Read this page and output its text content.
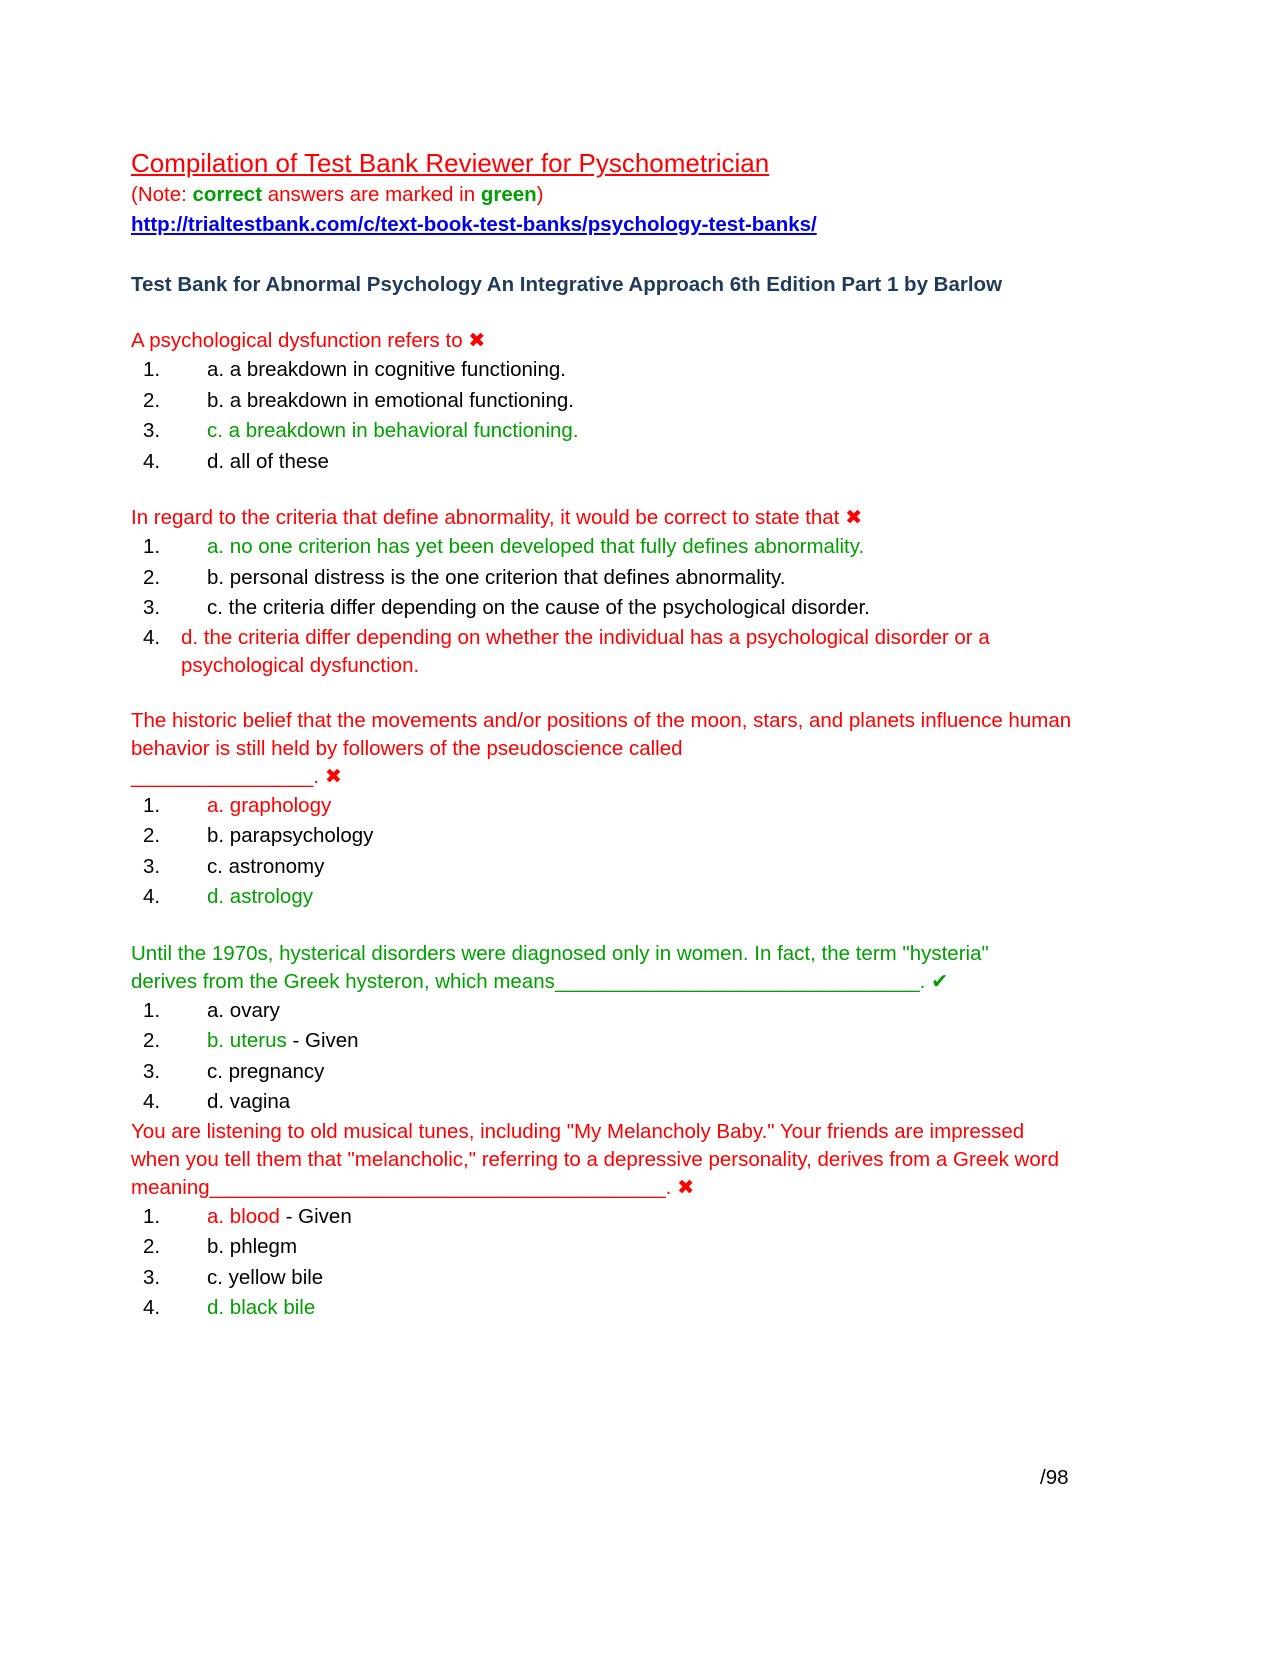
Compilation of Test Bank Reviewer for Pyschometrician

(Note: correct answers are marked in green)

http://trialtestbank.com/c/text-book-test-banks/psychology-test-banks/

Test Bank for Abnormal Psychology An Integrative Approach 6th Edition Part 1 by Barlow

A psychological dysfunction refers to ✖

1. a. a breakdown in cognitive functioning.
2. b. a breakdown in emotional functioning.
3. c. a breakdown in behavioral functioning.
4. d. all of these

In regard to the criteria that define abnormality, it would be correct to state that ✖

1. a. no one criterion has yet been developed that fully defines abnormality.
2. b. personal distress is the one criterion that defines abnormality.
3. c. the criteria differ depending on the cause of the psychological disorder.
4. d. the criteria differ depending on whether the individual has a psychological disorder or a
psychological dysfunction.

The historic belief that the movements and/or positions of the moon, stars, and planets influence human
behavior is still held by followers of the pseudoscience called
________________. ✖

1. a. graphology
2. b. parapsychology
3. c. astronomy
4. d. astrology

Until the 1970s, hysterical disorders were diagnosed only in women. In fact, the term "hysteria"
derives from the Greek hysteron, which means________________________________. ✔

1. a. ovary
2. b. uterus - Given
3. c. pregnancy
4. d. vagina

You are listening to old musical tunes, including "My Melancholy Baby." Your friends are impressed
when you tell them that "melancholic," referring to a depressive personality, derives from a Greek word
meaning________________________________________. ✖

1. a. blood - Given
2. b. phlegm
3. c. yellow bile
4. d. black bile
/98
